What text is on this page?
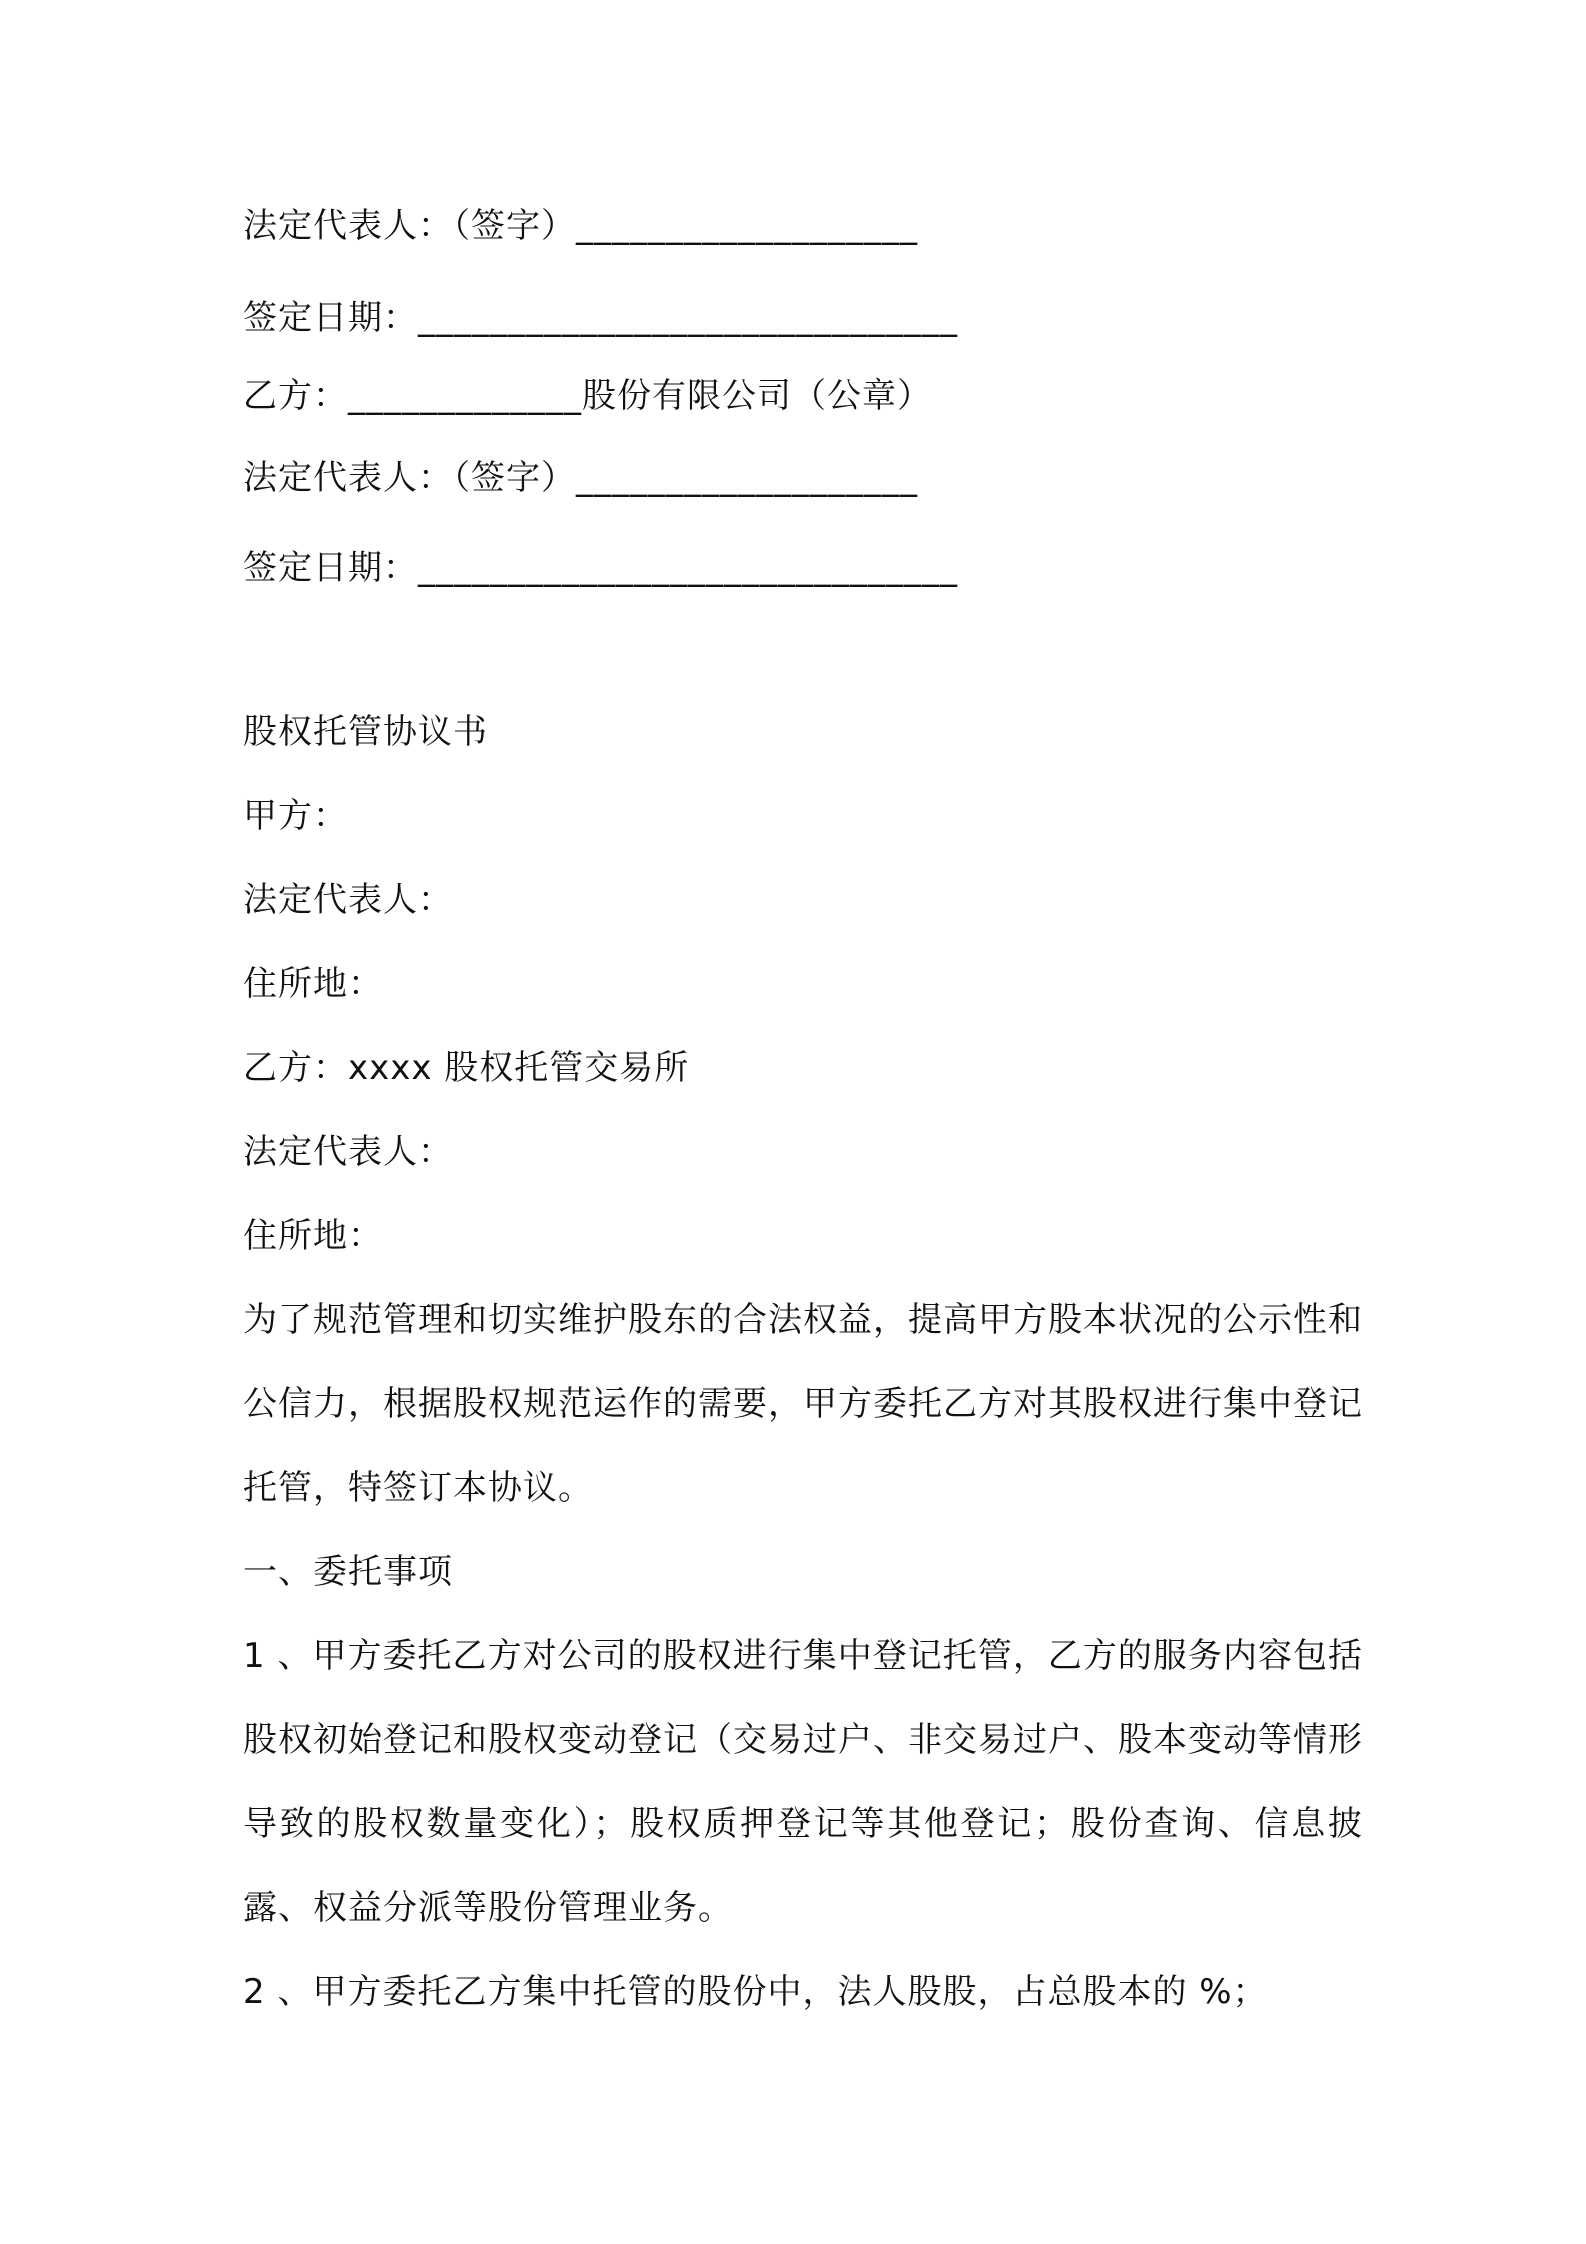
法定代表人：（签字）___________________

签定日期：______________________________

乙方：_____________股份有限公司（公章）

法定代表人：（签字）___________________

签定日期：______________________________

股权托管协议书

甲方：

法定代表人：

住所地：

乙方：xxxx 股权托管交易所

法定代表人：

住所地：

为了规范管理和切实维护股东的合法权益，提高甲方股本状况的公示性和公信力，根据股权规范运作的需要，甲方委托乙方对其股权进行集中登记托管，特签订本协议。

一、委托事项

1 、甲方委托乙方对公司的股权进行集中登记托管，乙方的服务内容包括股权初始登记和股权变动登记（交易过户、非交易过户、股本变动等情形导致的股权数量变化）；股权质押登记等其他登记；股份查询、信息披露、权益分派等股份管理业务。

2 、甲方委托乙方集中托管的股份中，法人股股，占总股本的 %；
